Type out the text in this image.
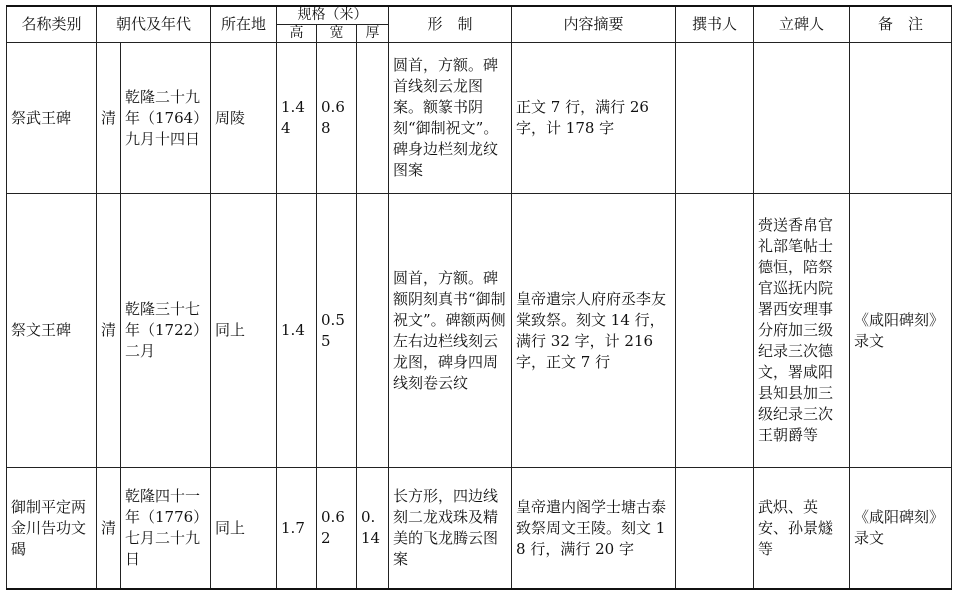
名称类别	朝代及年代		所在地	规格（米）			形　制	内容摘要	撰书人	立碑人	备　注
				高	宽	厚					
祭武王碑	清	乾隆二十九年（1764）九月十四日	周陵	1.44	0.68		圆首，方额。碑首线刻云龙图案。额篆书阴刻“御制祝文”。碑身边栏刻龙纹图案	正文 7 行，满行 26 字，计 178 字			
祭文王碑	清	乾隆三十七年（1722）二月	同上	1.4	0.55		圆首，方额。碑额阴刻真书“御制祝文”。碑额两侧左右边栏线刻云龙图，碑身四周线刻卷云纹	皇帝遣宗人府府丞李友棠致祭。刻文 14 行，满行 32 字，计 216 字，正文 7 行		赍送香帛官礼部笔帖士德恒，陪祭官巡抚内院署西安理事分府加三级纪录三次德文，署咸阳县知县加三级纪录三次王朝爵等	《咸阳碑刻》录文
御制平定两金川告功文碣	清	乾隆四十一年（1776）七月二十九日	同上	1.7	0.62	0.14	长方形，四边线刻二龙戏珠及精美的飞龙腾云图案	皇帝遣内阁学士塘古泰致祭周文王陵。刻文 18 行，满行 20 字		武炽、英安、孙景燧等	《咸阳碑刻》录文
